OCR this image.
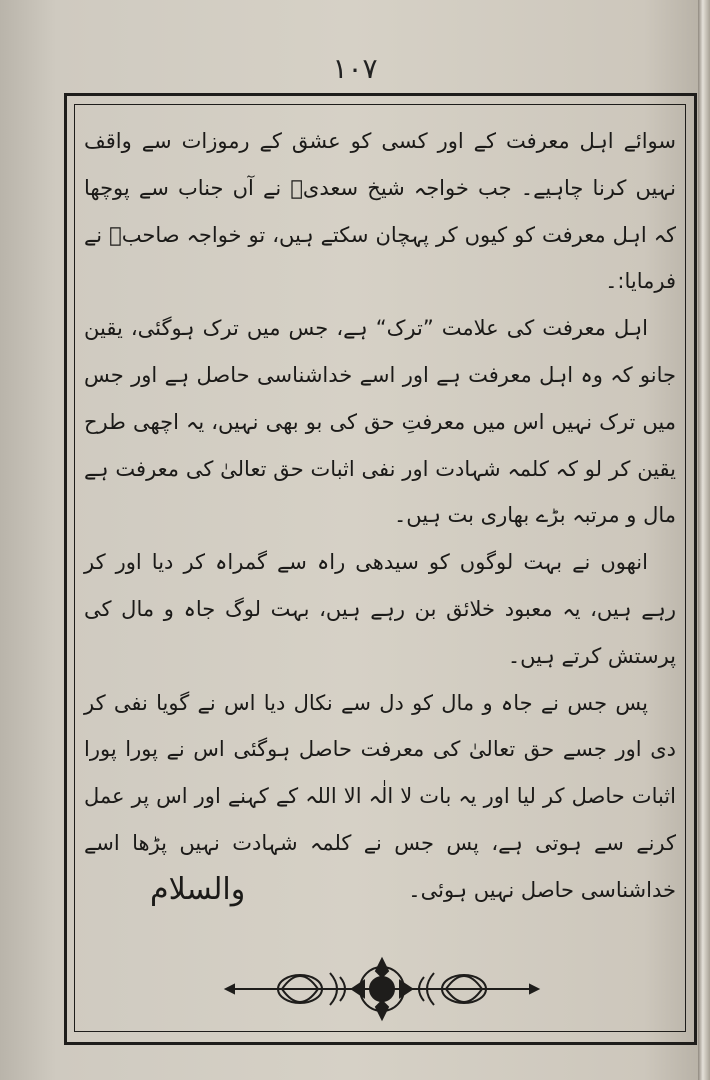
۱۰۷

سوائے اہل معرفت کے اور کسی کو عشق کے رموزات سے واقف نہیں کرنا چاہیے۔ جب خواجہ شیخ سعدیؒ نے آں جناب سے پوچھا کہ اہل معرفت کو کیوں کر پہچان سکتے ہیں، تو خواجہ صاحبؒ نے فرمایا:۔

اہل معرفت کی علامت ”ترک“ ہے، جس میں ترک ہوگئی، یقین جانو کہ وہ اہل معرفت ہے اور اسے خداشناسی حاصل ہے اور جس میں ترک نہیں اس میں معرفتِ حق کی بو بھی نہیں، یہ اچھی طرح یقین کر لو کہ کلمہ شہادت اور نفی اثبات حق تعالیٰ کی معرفت ہے مال و مرتبہ بڑے بھاری بت ہیں۔

انھوں نے بہت لوگوں کو سیدھی راہ سے گمراہ کر دیا اور کر رہے ہیں، یہ معبود خلائق بن رہے ہیں، بہت لوگ جاہ و مال کی پرستش کرتے ہیں۔

پس جس نے جاہ و مال کو دل سے نکال دیا اس نے گویا نفی کر دی اور جسے حق تعالیٰ کی معرفت حاصل ہوگئی اس نے پورا پورا اثبات حاصل کر لیا اور یہ بات لا الٰہ الا اللہ کے کہنے اور اس پر عمل کرنے سے ہوتی ہے، پس جس نے کلمہ شہادت نہیں پڑھا اسے خداشناسی حاصل نہیں ہوئی۔

والسلام
